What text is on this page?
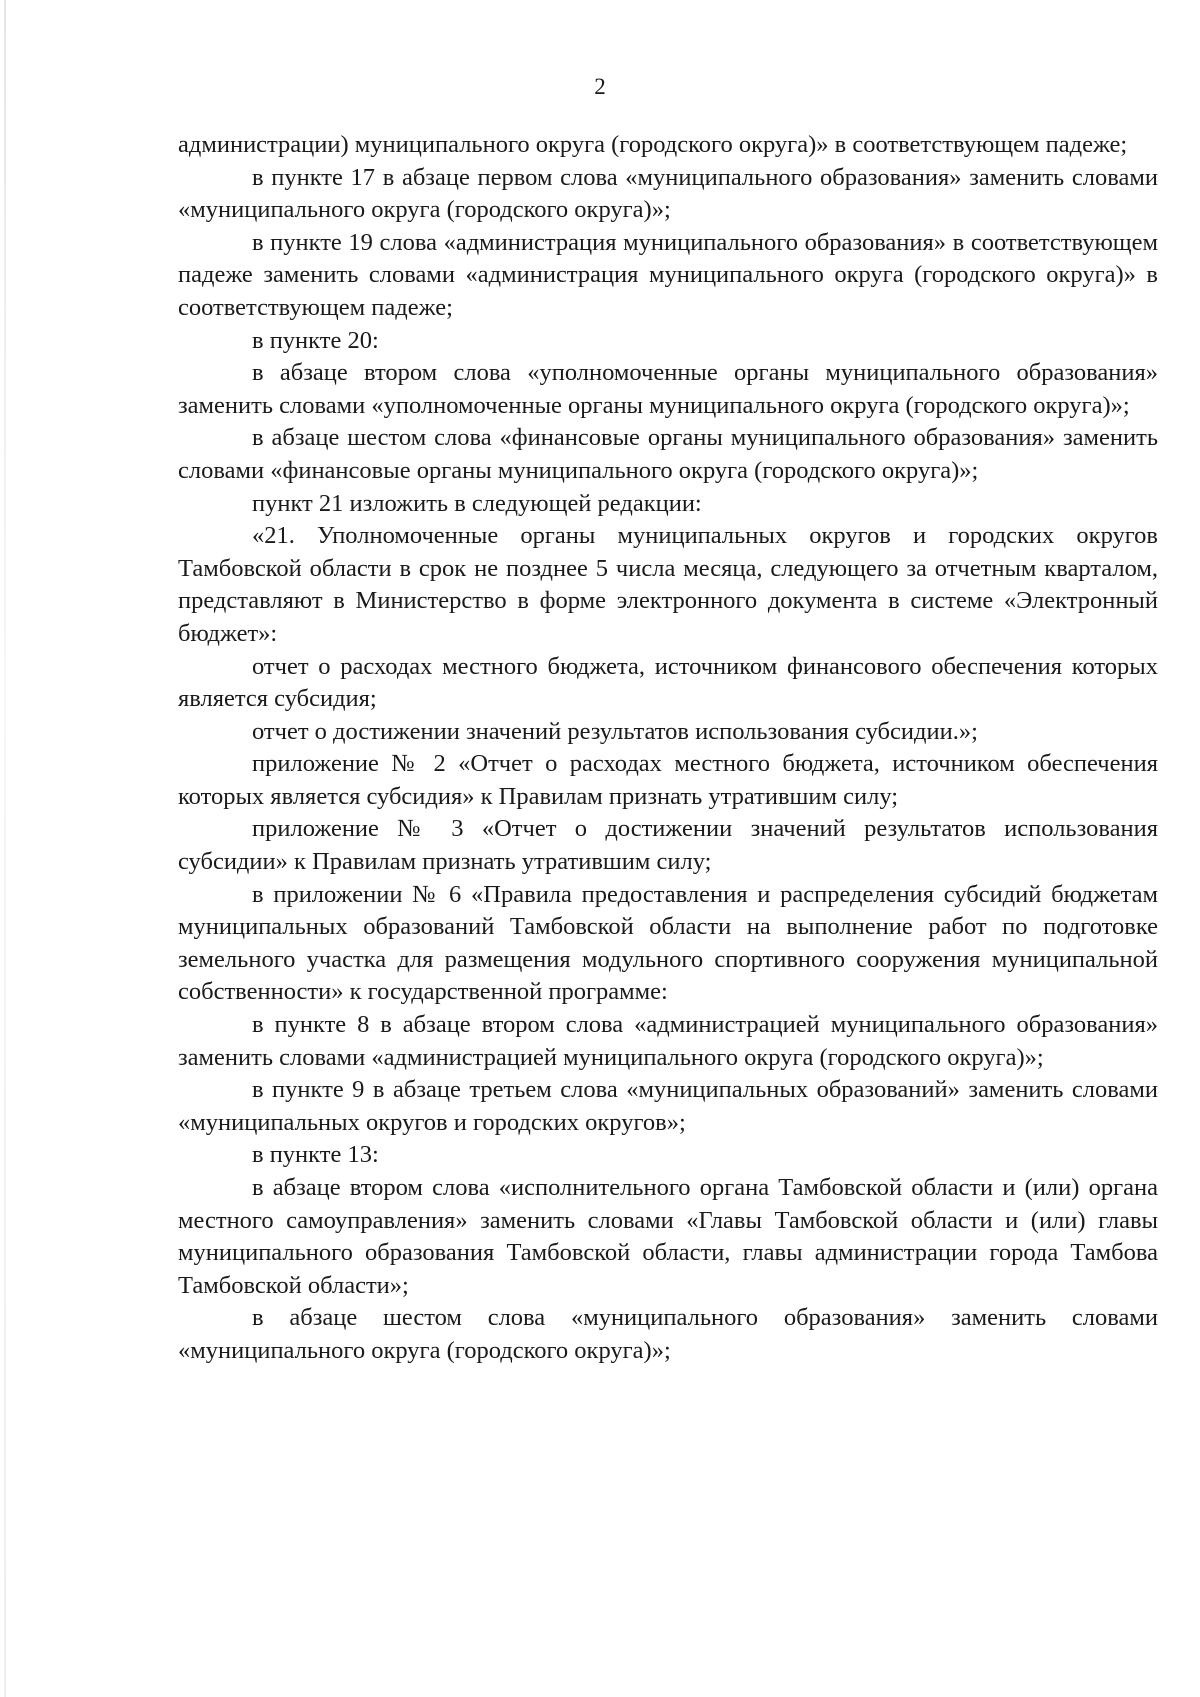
2

администрации) муниципального округа (городского округа)» в соответствующем падеже;

в пункте 17 в абзаце первом слова «муниципального образования» заменить словами «муниципального округа (городского округа)»;

в пункте 19 слова «администрация муниципального образования» в соответствующем падеже заменить словами «администрация муниципального округа (городского округа)» в соответствующем падеже;

в пункте 20:

в абзаце втором слова «уполномоченные органы муниципального образования» заменить словами «уполномоченные органы муниципального округа (городского округа)»;

в абзаце шестом слова «финансовые органы муниципального образования» заменить словами «финансовые органы муниципального округа (городского округа)»;

пункт 21 изложить в следующей редакции:

«21. Уполномоченные органы муниципальных округов и городских округов Тамбовской области в срок не позднее 5 числа месяца, следующего за отчетным кварталом, представляют в Министерство в форме электронного документа в системе «Электронный бюджет»:

отчет о расходах местного бюджета, источником финансового обеспечения которых является субсидия;

отчет о достижении значений результатов использования субсидии.»;

приложение № 2 «Отчет о расходах местного бюджета, источником обеспечения которых является субсидия» к Правилам признать утратившим силу;

приложение № 3 «Отчет о достижении значений результатов использования субсидии» к Правилам признать утратившим силу;

в приложении № 6 «Правила предоставления и распределения субсидий бюджетам муниципальных образований Тамбовской области на выполнение работ по подготовке земельного участка для размещения модульного спортивного сооружения муниципальной собственности» к государственной программе:

в пункте 8 в абзаце втором слова «администрацией муниципального образования» заменить словами «администрацией муниципального округа (городского округа)»;

в пункте 9 в абзаце третьем слова «муниципальных образований» заменить словами «муниципальных округов и городских округов»;

в пункте 13:

в абзаце втором слова «исполнительного органа Тамбовской области и (или) органа местного самоуправления» заменить словами «Главы Тамбовской области и (или) главы муниципального образования Тамбовской области, главы администрации города Тамбова Тамбовской области»;

в абзаце шестом слова «муниципального образования» заменить словами «муниципального округа (городского округа)»;
